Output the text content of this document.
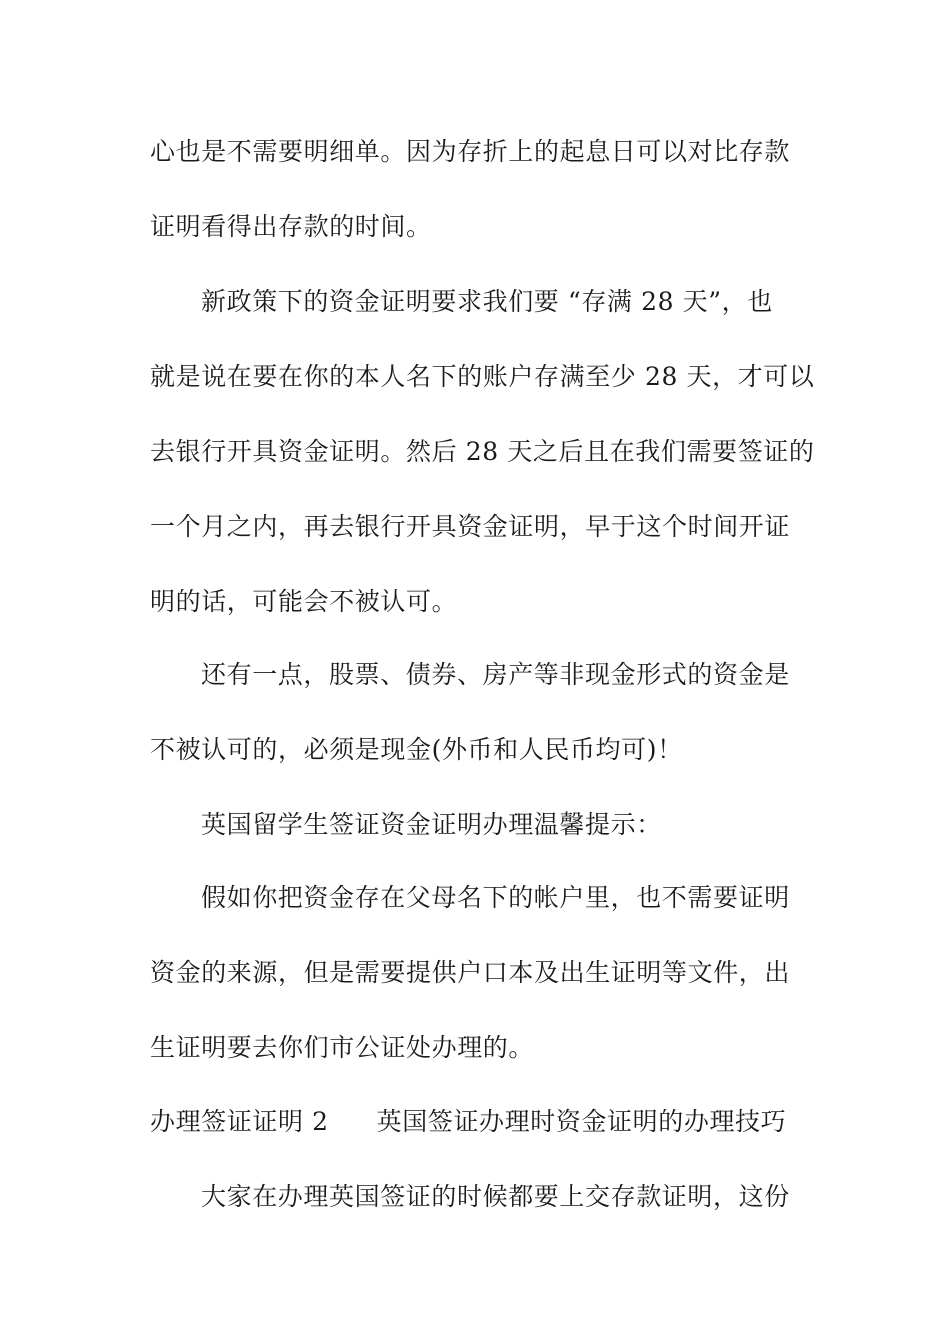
心也是不需要明细单。因为存折上的起息日可以对比存款
证明看得出存款的时间。
新政策下的资金证明要求我们要 “存满 28 天”，也
就是说在要在你的本人名下的账户存满至少 28 天，才可以
去银行开具资金证明。然后 28 天之后且在我们需要签证的
一个月之内，再去银行开具资金证明，早于这个时间开证
明的话，可能会不被认可。
还有一点，股票、债券、房产等非现金形式的资金是
不被认可的，必须是现金(外币和人民币均可)！
英国留学生签证资金证明办理温馨提示：
假如你把资金存在父母名下的帐户里，也不需要证明
资金的来源，但是需要提供户口本及出生证明等文件，出
生证明要去你们市公证处办理的。
办理签证证明 2 英国签证办理时资金证明的办理技巧
大家在办理英国签证的时候都要上交存款证明，这份
